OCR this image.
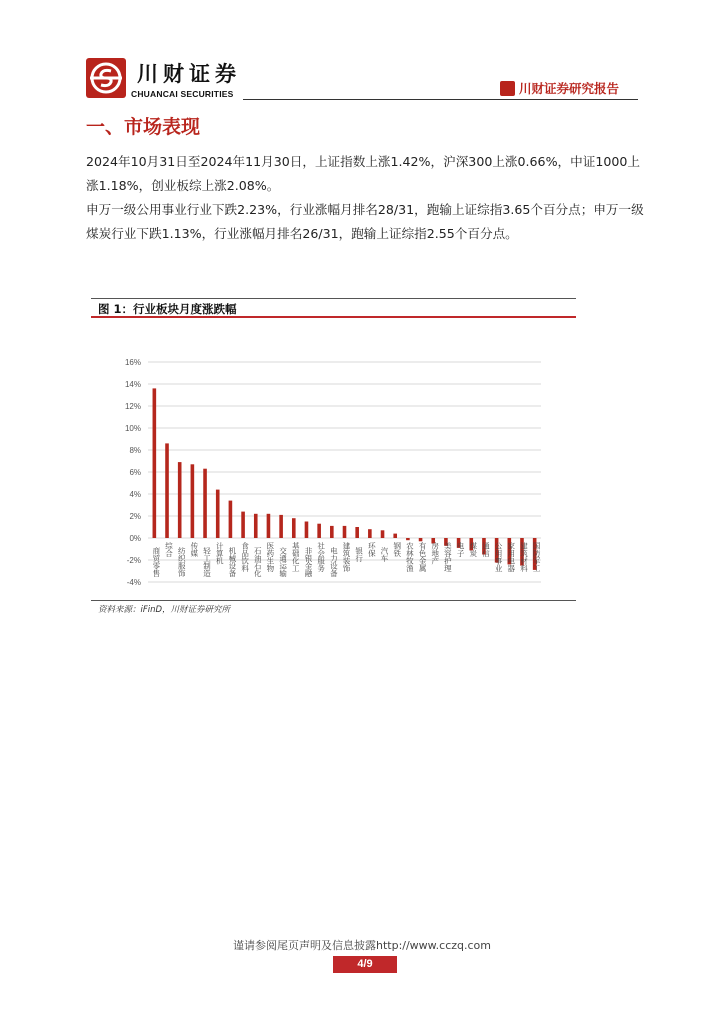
川财证券
CHUANCAI SECURITIES	川财证券研究报告
一、市场表现
2024年10月31日至2024年11月30日，上证指数上涨1.42%，沪深300上涨0.66%，中证1000上涨1.18%，创业板综上涨2.08%。
申万一级公用事业行业下跌2.23%，行业涨幅月排名28/31，跑输上证综指3.65个百分点；申万一级煤炭行业下跌1.13%，行业涨幅月排名26/31，跑输上证综指2.55个百分点。
图 1：行业板块月度涨跌幅
16%
14%
12%
10%
8%
6%
4%
2%
0%
-2%
-4%
商贸零售 综合 纺织服饰 传媒 轻工制造 计算机 机械设备 食品饮料 石油石化 医药生物 交通运输 基础化工 非银金融 社会服务 电力设备 建筑装饰 银行 环保 汽车 钢铁 农林牧渔 有色金属 房地产 美容护理 电子 煤炭 通信 公用事业 家用电器 建筑材料 国防军工
资料来源：iFinD，川财证券研究所
谨请参阅尾页声明及信息披露http://www.cczq.com
4/9
